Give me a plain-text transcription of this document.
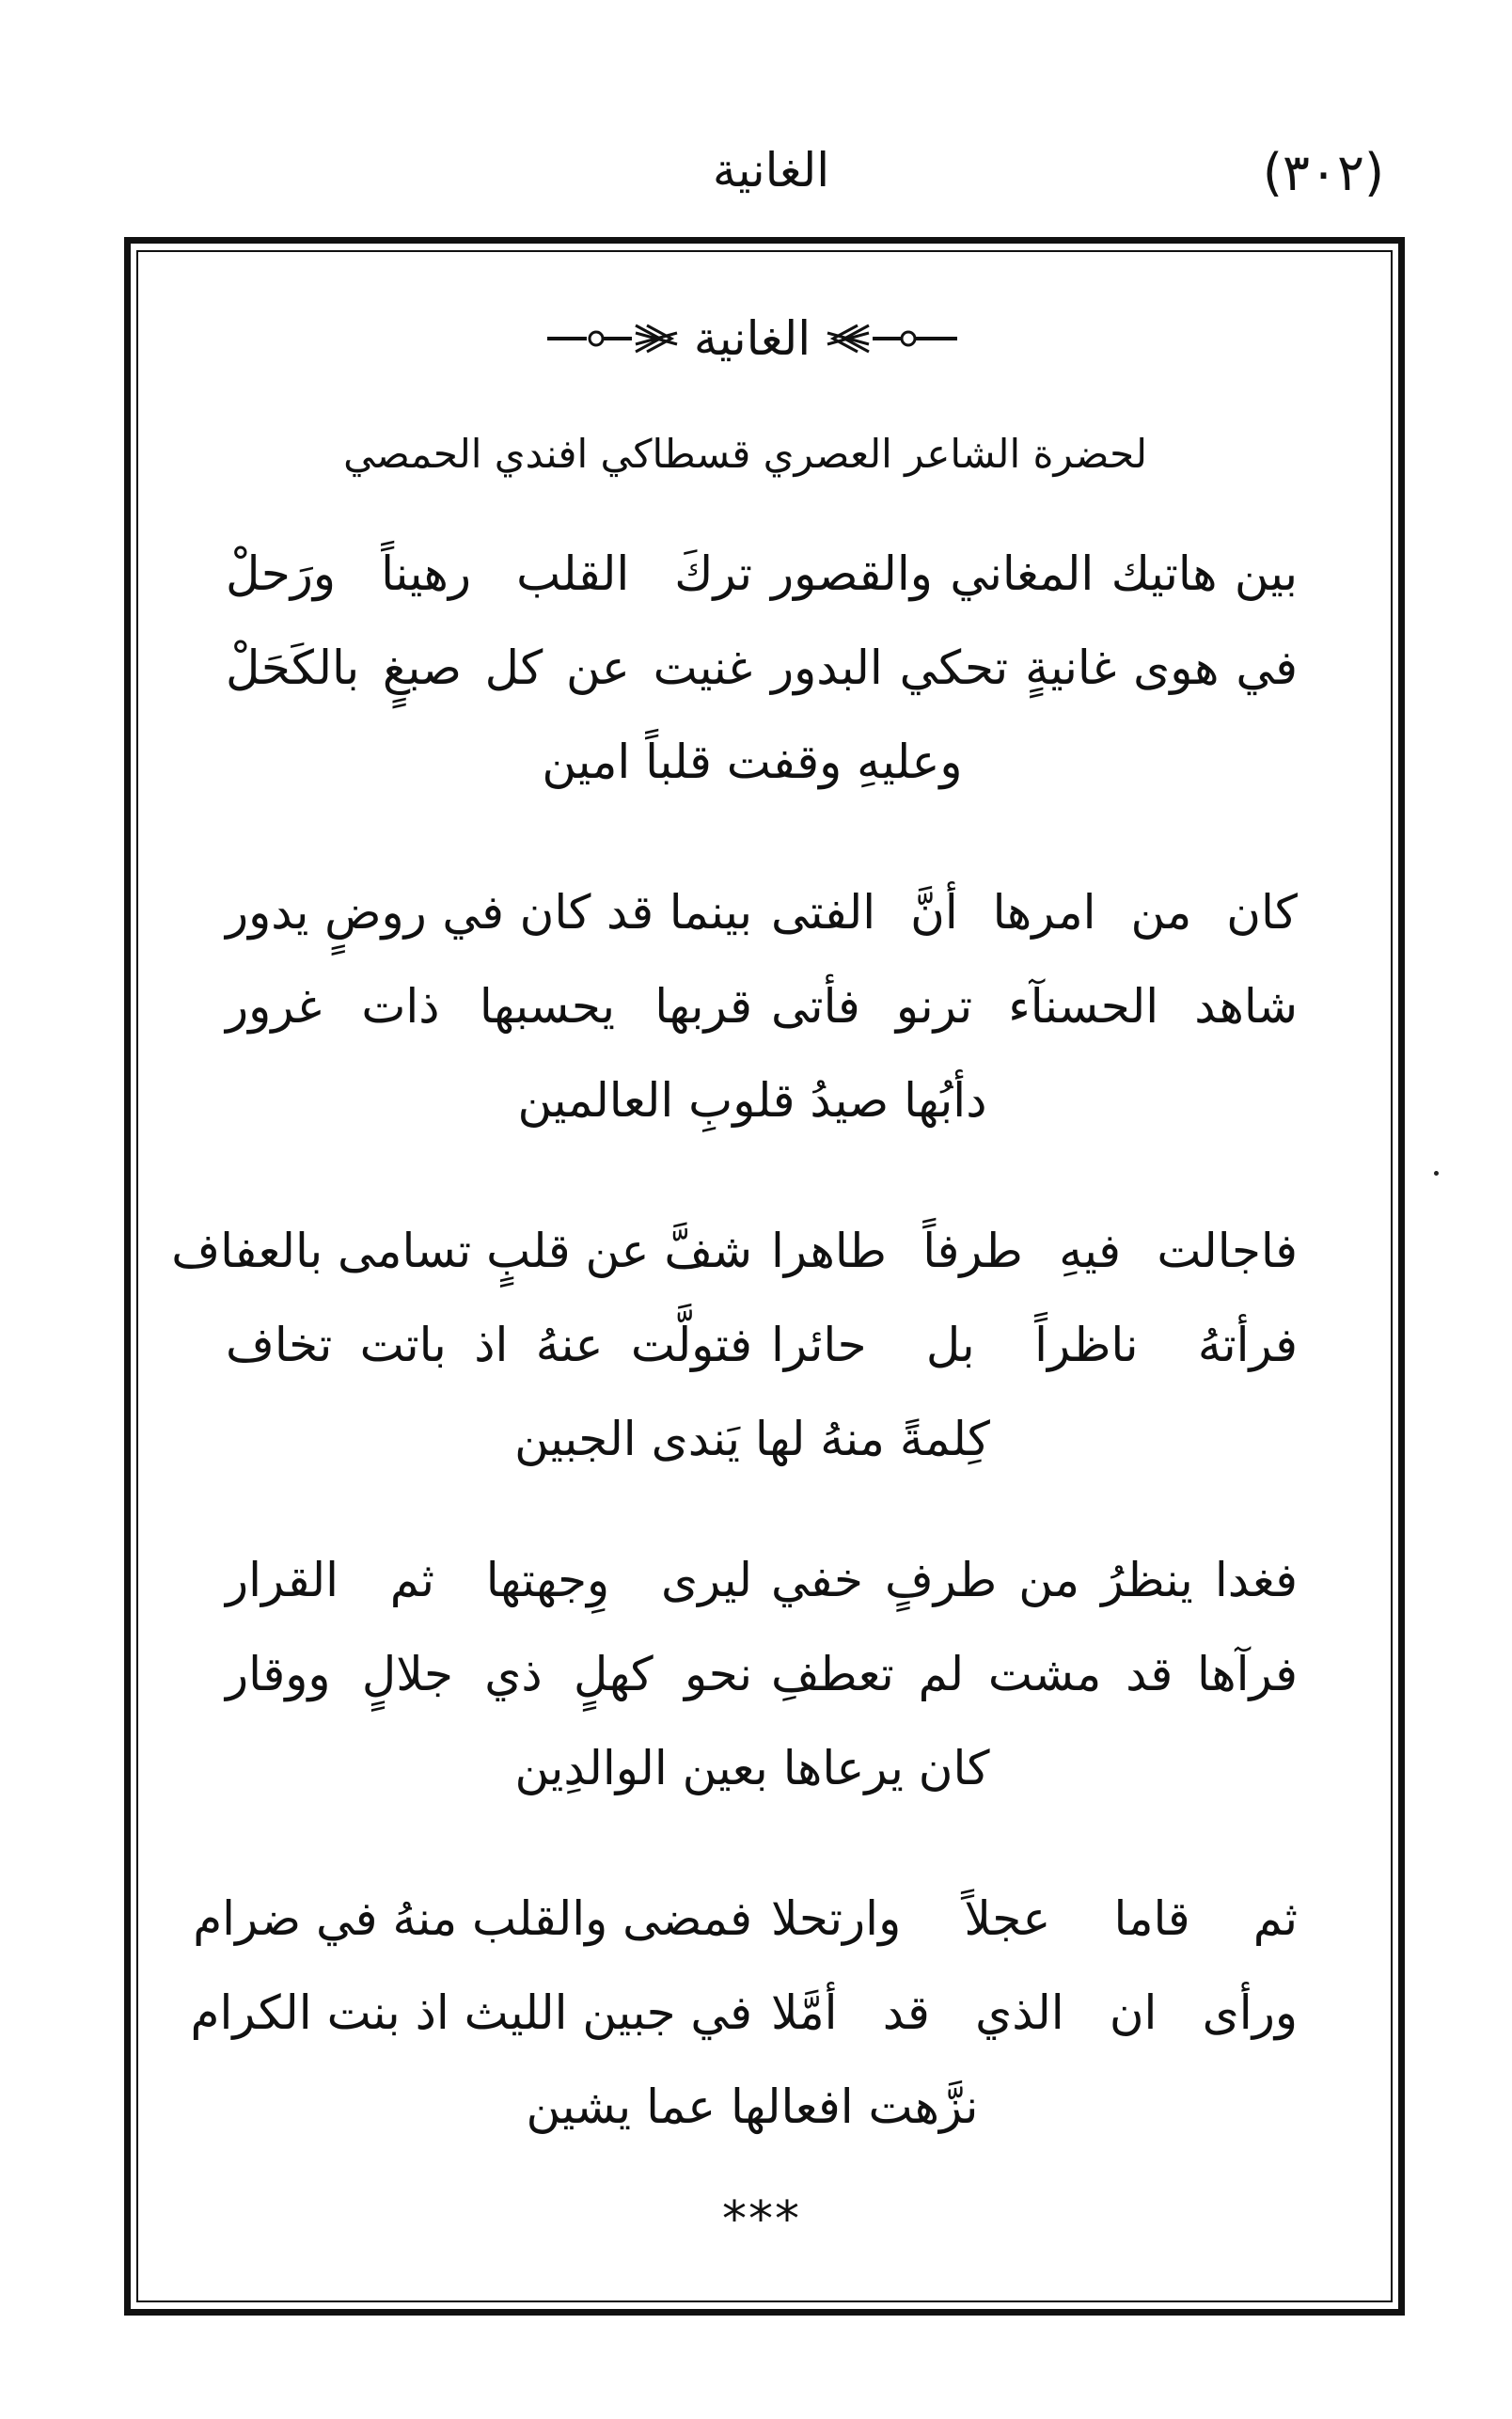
(٣٠٢)
الغانية
الغانية
لحضرة الشاعر العصري قسطاكي افندي الحمصي
بين هاتيك المغاني والقصور
تركَ القلب رهيناً ورَحلْ
في هوى غانيةٍ تحكي البدور
غنيت عن كل صبغٍ بالكَحَلْ
وعليهِ وقفت قلباً امين
كان من امرها أنَّ الفتى
بينما قد كان في روضٍ يدور
شاهد الحسنآء ترنو فأتى
قربها يحسبها ذات غرور
دأبُها صيدُ قلوبِ العالمين
فاجالت فيهِ طرفاً طاهرا
شفَّ عن قلبٍ تسامى بالعفاف
فرأتهُ ناظراً بل حائرا
فتولَّت عنهُ اذ باتت تخاف
كِلمةً منهُ لها يَندى الجبين
فغدا ينظرُ من طرفٍ خفي
ليرى وِجهتها ثم القرار
فرآها قد مشت لم تعطفِ
نحو كهلٍ ذي جلالٍ ووقار
كان يرعاها بعين الوالدِين
ثم قاما عجلاً وارتحلا
فمضى والقلب منهُ في ضرام
ورأى ان الذي قد أمَّلا
في جبين الليث اذ بنت الكرام
نزَّهت افعالها عما يشين
***
